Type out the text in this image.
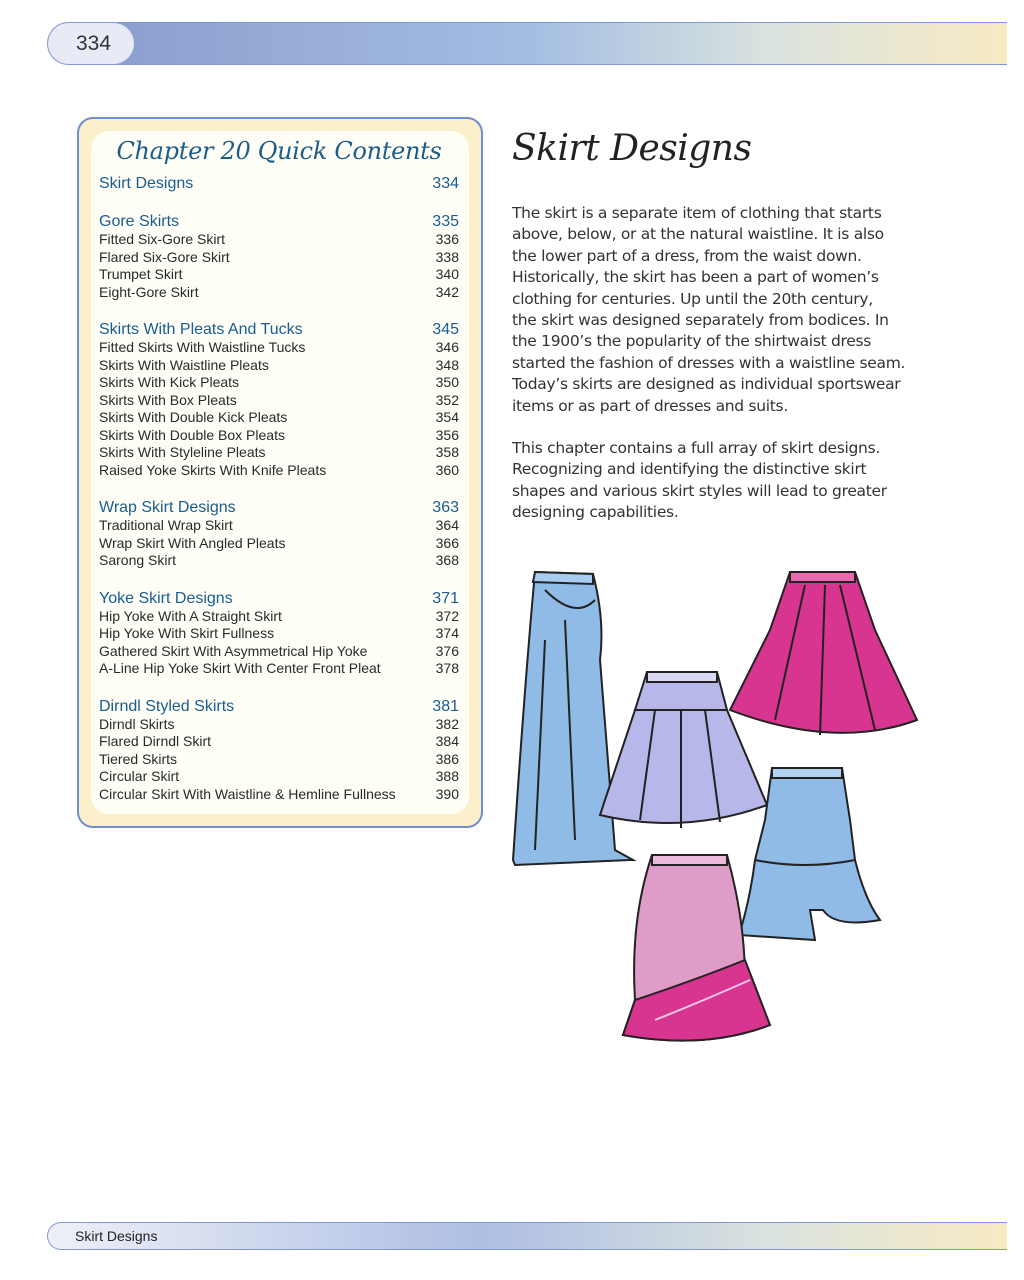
334
Chapter 20 Quick Contents
Skirt Designs	334
Gore Skirts	335
Fitted Six-Gore Skirt	336
Flared Six-Gore Skirt	338
Trumpet Skirt	340
Eight-Gore Skirt	342
Skirts With Pleats And Tucks	345
Fitted Skirts With Waistline Tucks	346
Skirts With Waistline Pleats	348
Skirts With Kick Pleats	350
Skirts With Box Pleats	352
Skirts With Double Kick Pleats	354
Skirts With Double Box Pleats	356
Skirts With Styleline Pleats	358
Raised Yoke Skirts With Knife Pleats	360
Wrap Skirt Designs	363
Traditional Wrap Skirt	364
Wrap Skirt With Angled Pleats	366
Sarong Skirt	368
Yoke Skirt Designs	371
Hip Yoke With A Straight Skirt	372
Hip Yoke With Skirt Fullness	374
Gathered Skirt With Asymmetrical Hip Yoke	376
A-Line Hip Yoke Skirt With Center Front Pleat	378
Dirndl Styled Skirts	381
Dirndl Skirts	382
Flared Dirndl Skirt	384
Tiered Skirts	386
Circular Skirt	388
Circular Skirt With Waistline & Hemline Fullness	390
Skirt Designs

The skirt is a separate item of clothing that starts
above, below, or at the natural waistline. It is also
the lower part of a dress, from the waist down.
Historically, the skirt has been a part of women’s
clothing for centuries. Up until the 20th century,
the skirt was designed separately from bodices. In
the 1900’s the popularity of the shirtwaist dress
started the fashion of dresses with a waistline seam.
Today’s skirts are designed as individual sportswear
items or as part of dresses and suits.

This chapter contains a full array of skirt designs.
Recognizing and identifying the distinctive skirt
shapes and various skirt styles will lead to greater
designing capabilities.

Skirt Designs
